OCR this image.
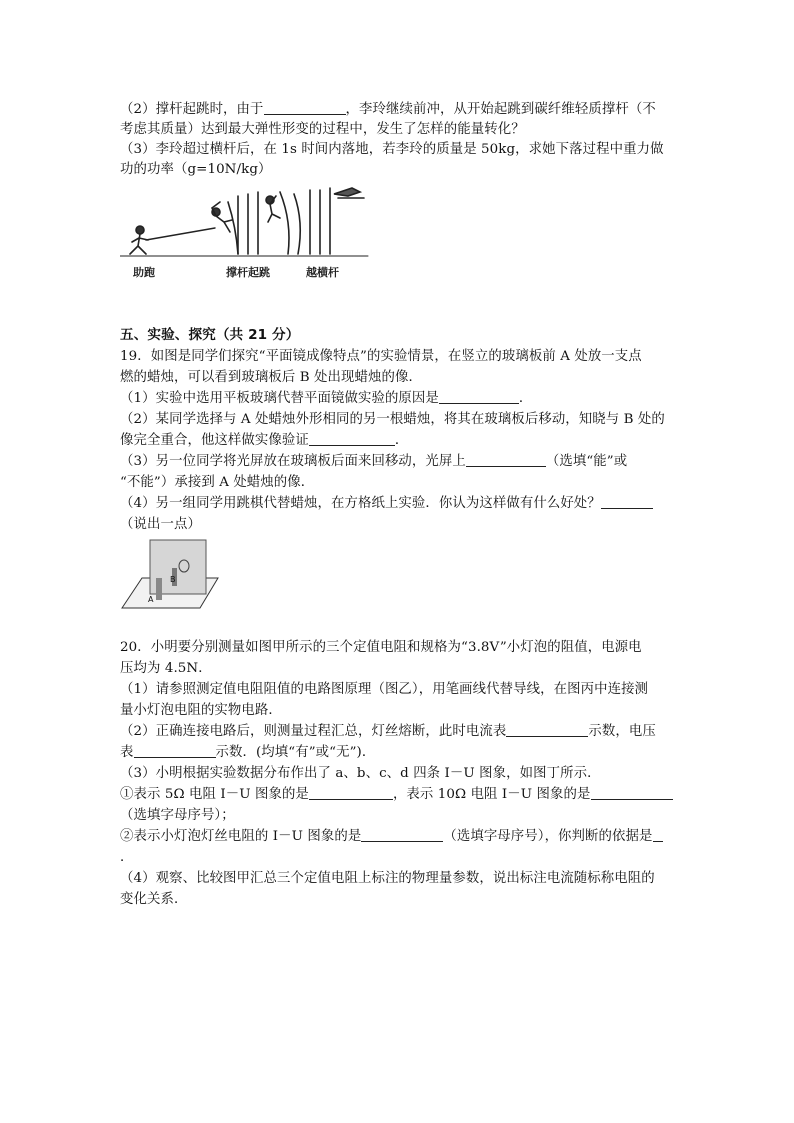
（2）撑杆起跳时，由于	，李玲继续前冲，从开始起跳到碳纤维轻质撑杆（不
考虑其质量）达到最大弹性形变的过程中，发生了怎样的能量转化？
（3）李玲超过横杆后，在 1s 时间内落地，若李玲的质量是 50kg，求她下落过程中重力做
功的功率（g=10N/kg）
助跑	撑杆起跳	越横杆
五、实验、探究（共 21 分）
19．如图是同学们探究“平面镜成像特点”的实验情景，在竖立的玻璃板前 A 处放一支点
燃的蜡烛，可以看到玻璃板后 B 处出现蜡烛的像．
（1）实验中选用平板玻璃代替平面镜做实验的原因是	．
（2）某同学选择与 A 处蜡烛外形相同的另一根蜡烛，将其在玻璃板后移动，知晓与 B 处的
像完全重合，他这样做实像验证	．
（3）另一位同学将光屏放在玻璃板后面来回移动，光屏上	（选填“能”或
“不能”）承接到 A 处蜡烛的像．
（4）另一组同学用跳棋代替蜡烛，在方格纸上实验．你认为这样做有什么好处？
（说出一点）
A
B
20．小明要分别测量如图甲所示的三个定值电阻和规格为“3.8V”小灯泡的阻值，电源电
压均为 4.5N．
（1）请参照测定值电阻阻值的电路图原理（图乙），用笔画线代替导线，在图丙中连接测
量小灯泡电阻的实物电路．
（2）正确连接电路后，则测量过程汇总，灯丝熔断，此时电流表	示数，电压
表	示数．(均填“有”或“无”)．
（3）小明根据实验数据分布作出了 a、b、c、d 四条 I－U 图象，如图丁所示．
①表示 5Ω 电阻 I－U 图象的是	，表示 10Ω 电阻 I－U 图象的是
（选填字母序号）；
②表示小灯泡灯丝电阻的 I－U 图象的是	（选填字母序号），你判断的依据是
．
（4）观察、比较图甲汇总三个定值电阻上标注的物理量参数，说出标注电流随标称电阻的
变化关系．
